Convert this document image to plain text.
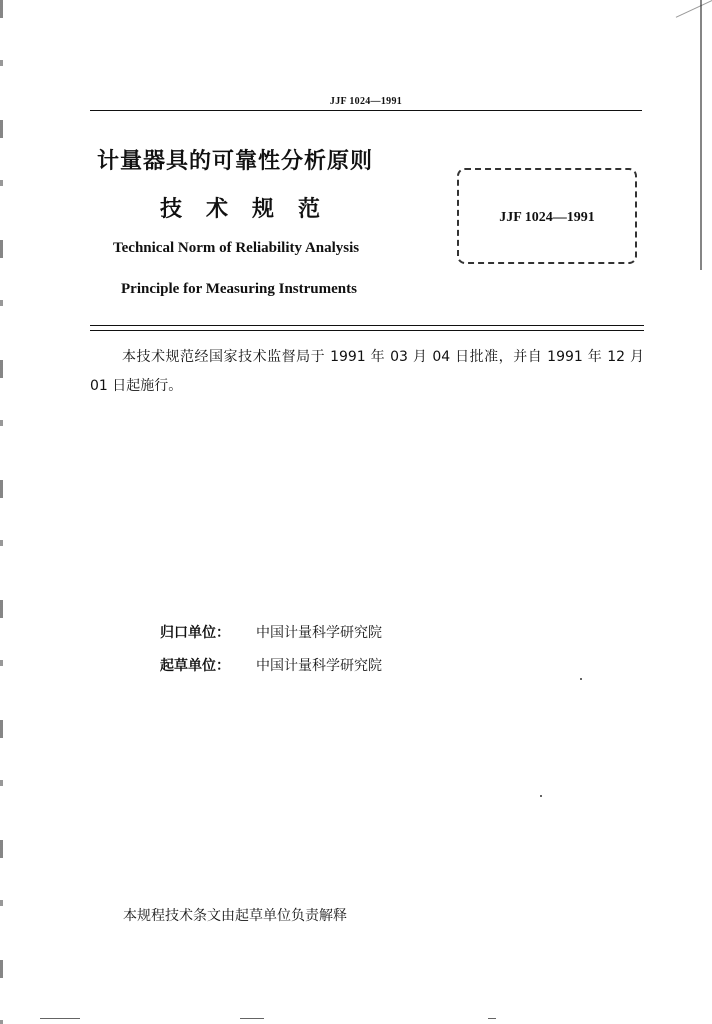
JJF 1024—1991
计量器具的可靠性分析原则
技术规范
Technical Norm of Reliability Analysis
Principle for Measuring Instruments
JJF 1024—1991
本技术规范经国家技术监督局于 1991 年 03 月 04 日批准，并自 1991 年 12 月 01 日起施行。
归口单位： 中国计量科学研究院
起草单位： 中国计量科学研究院
本规程技术条文由起草单位负责解释
